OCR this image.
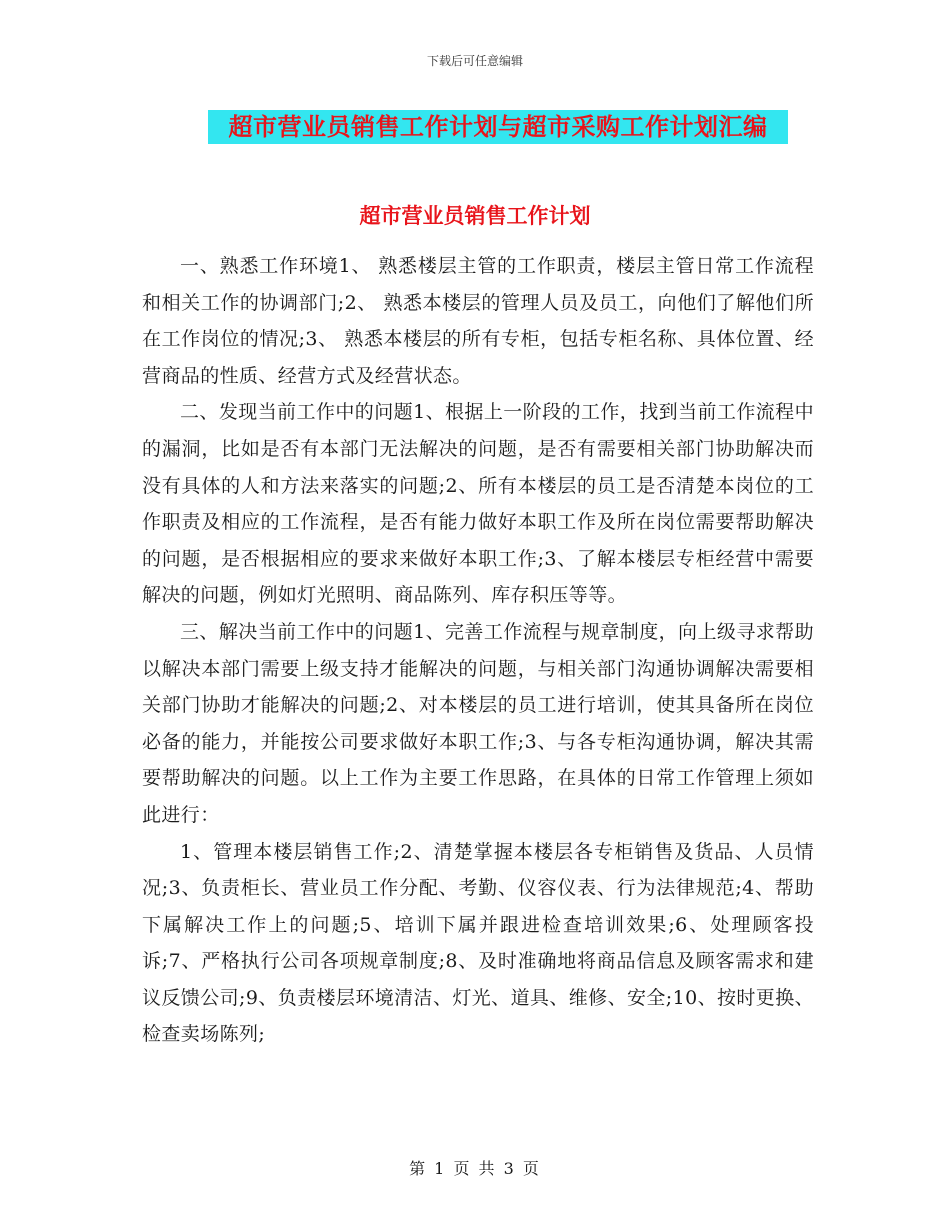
下载后可任意编辑
超市营业员销售工作计划与超市采购工作计划汇编
超市营业员销售工作计划

一、熟悉工作环境1、 熟悉楼层主管的工作职责，楼层主管日常工作流程和相关工作的协调部门;2、 熟悉本楼层的管理人员及员工，向他们了解他们所在工作岗位的情况;3、 熟悉本楼层的所有专柜，包括专柜名称、具体位置、经营商品的性质、经营方式及经营状态。

二、发现当前工作中的问题1、根据上一阶段的工作，找到当前工作流程中的漏洞，比如是否有本部门无法解决的问题，是否有需要相关部门协助解决而没有具体的人和方法来落实的问题;2、所有本楼层的员工是否清楚本岗位的工作职责及相应的工作流程，是否有能力做好本职工作及所在岗位需要帮助解决的问题，是否根据相应的要求来做好本职工作;3、了解本楼层专柜经营中需要解决的问题，例如灯光照明、商品陈列、库存积压等等。

三、解决当前工作中的问题1、完善工作流程与规章制度，向上级寻求帮助以解决本部门需要上级支持才能解决的问题，与相关部门沟通协调解决需要相关部门协助才能解决的问题;2、对本楼层的员工进行培训，使其具备所在岗位必备的能力，并能按公司要求做好本职工作;3、与各专柜沟通协调，解决其需要帮助解决的问题。以上工作为主要工作思路，在具体的日常工作管理上须如此进行：

1、管理本楼层销售工作;2、清楚掌握本楼层各专柜销售及货品、人员情况;3、负责柜长、营业员工作分配、考勤、仪容仪表、行为法律规范;4、帮助下属解决工作上的问题;5、培训下属并跟进检查培训效果;6、处理顾客投诉;7、严格执行公司各项规章制度;8、及时准确地将商品信息及顾客需求和建议反馈公司;9、负责楼层环境清洁、灯光、道具、维修、安全;10、按时更换、检查卖场陈列;

第 1 页 共 3 页
